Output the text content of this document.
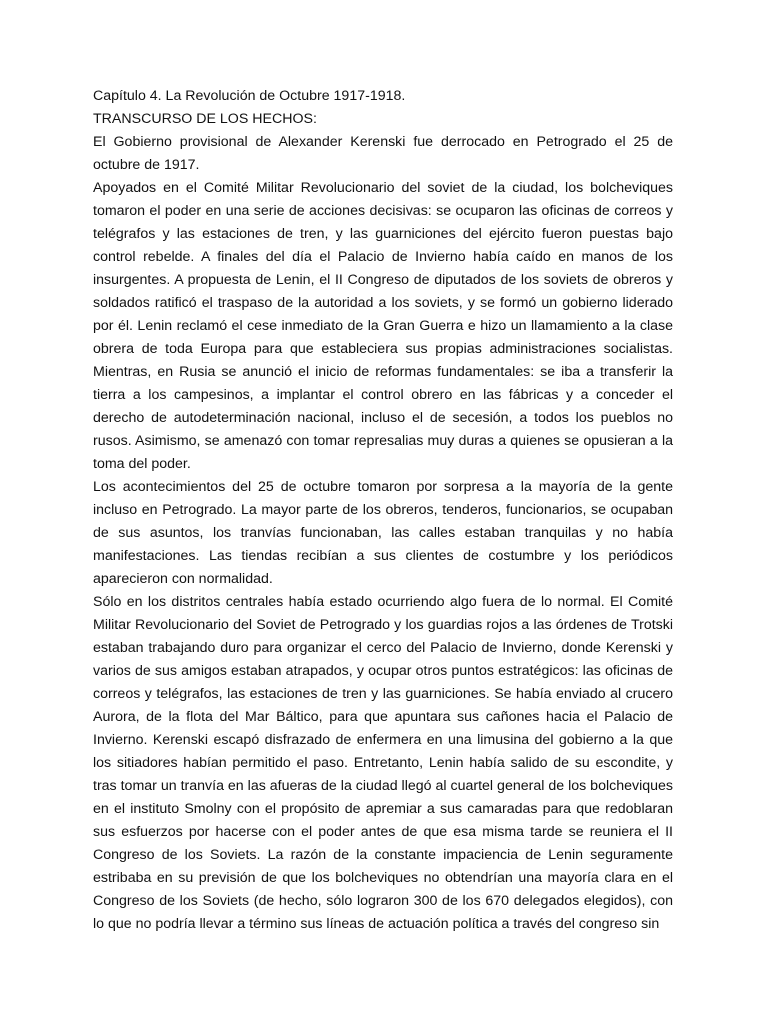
Capítulo 4. La Revolución de Octubre 1917-1918.

TRANSCURSO DE LOS HECHOS:

El Gobierno provisional de Alexander Kerenski fue derrocado en Petrogrado el 25 de octubre de 1917.

Apoyados en el Comité Militar Revolucionario del soviet de la ciudad, los bolcheviques tomaron el poder en una serie de acciones decisivas: se ocuparon las oficinas de correos y telégrafos y las estaciones de tren, y las guarniciones del ejército fueron puestas bajo control rebelde. A finales del día el Palacio de Invierno había caído en manos de los insurgentes. A propuesta de Lenin, el II Congreso de diputados de los soviets de obreros y soldados ratificó el traspaso de la autoridad a los soviets, y se formó un gobierno liderado por él. Lenin reclamó el cese inmediato de la Gran Guerra e hizo un llamamiento a la clase obrera de toda Europa para que estableciera sus propias administraciones socialistas. Mientras, en Rusia se anunció el inicio de reformas fundamentales: se iba a transferir la tierra a los campesinos, a implantar el control obrero en las fábricas y a conceder el derecho de autodeterminación nacional, incluso el de secesión, a todos los pueblos no rusos. Asimismo, se amenazó con tomar represalias muy duras a quienes se opusieran a la toma del poder.

Los acontecimientos del 25 de octubre tomaron por sorpresa a la mayoría de la gente incluso en Petrogrado. La mayor parte de los obreros, tenderos, funcionarios, se ocupaban de sus asuntos, los tranvías funcionaban, las calles estaban tranquilas y no había manifestaciones. Las tiendas recibían a sus clientes de costumbre y los periódicos aparecieron con normalidad.

Sólo en los distritos centrales había estado ocurriendo algo fuera de lo normal. El Comité Militar Revolucionario del Soviet de Petrogrado y los guardias rojos a las órdenes de Trotski estaban trabajando duro para organizar el cerco del Palacio de Invierno, donde Kerenski y varios de sus amigos estaban atrapados, y ocupar otros puntos estratégicos: las oficinas de correos y telégrafos, las estaciones de tren y las guarniciones. Se había enviado al crucero Aurora, de la flota del Mar Báltico, para que apuntara sus cañones hacia el Palacio de Invierno. Kerenski escapó disfrazado de enfermera en una limusina del gobierno a la que los sitiadores habían permitido el paso. Entretanto, Lenin había salido de su escondite, y tras tomar un tranvía en las afueras de la ciudad llegó al cuartel general de los bolcheviques en el instituto Smolny con el propósito de apremiar a sus camaradas para que redoblaran sus esfuerzos por hacerse con el poder antes de que esa misma tarde se reuniera el II Congreso de los Soviets. La razón de la constante impaciencia de Lenin seguramente estribaba en su previsión de que los bolcheviques no obtendrían una mayoría clara en el Congreso de los Soviets (de hecho, sólo lograron 300 de los 670 delegados elegidos), con lo que no podría llevar a término sus líneas de actuación política a través del congreso sin
